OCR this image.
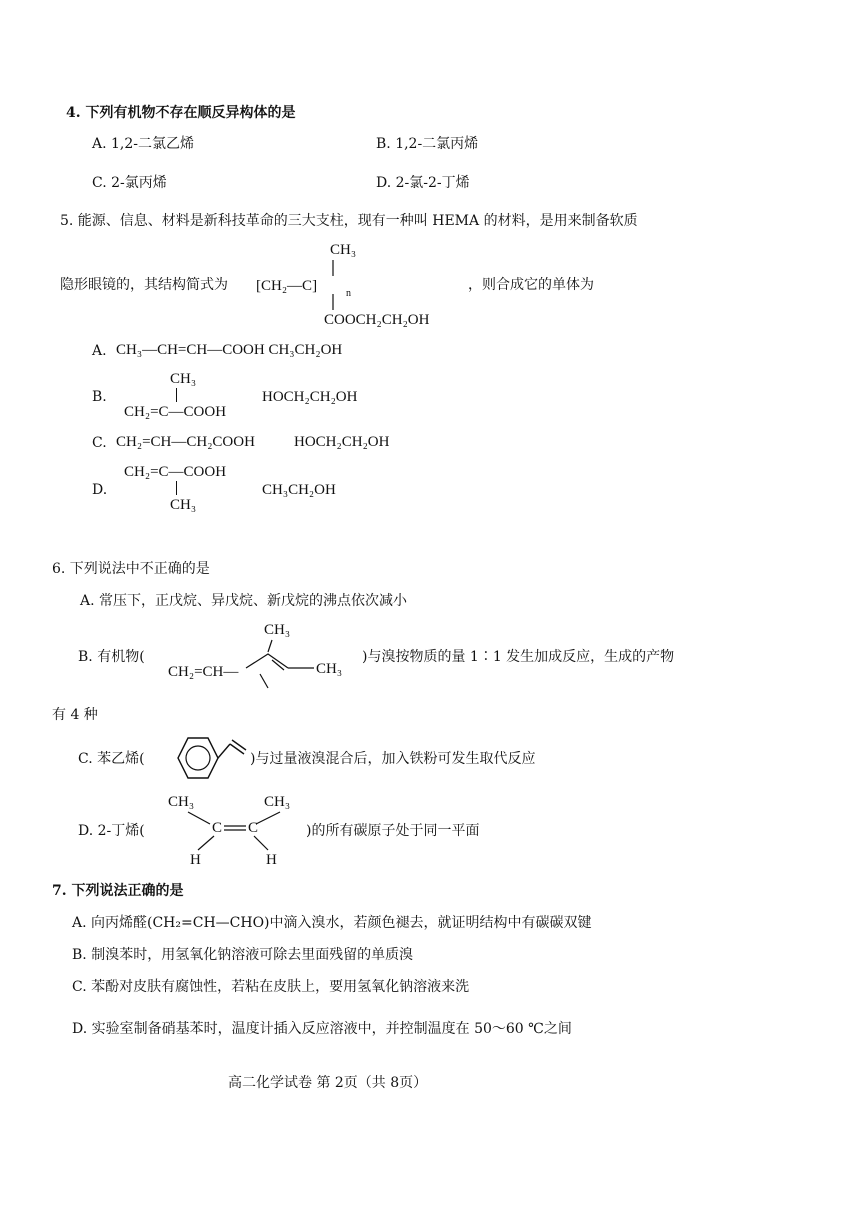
4. 下列有机物不存在顺反异构体的是
A. 1,2-二氯乙烯	B. 1,2-二氯丙烯
C. 2-氯丙烯	D. 2-氯-2-丁烯
5. 能源、信息、材料是新科技革命的三大支柱，现有一种叫 HEMA 的材料，是用来制备软质
隐形眼镜的，其结构简式为
CH₃
[CH₂—C]	n
COOCH₂CH₂OH
，则合成它的单体为
A. CH₃—CH=CH—COOH CH₃CH₂OH
B.
CH₃
CH₂=C—COOH
HOCH₂CH₂OH
C. CH₂=CH—CH₂COOH	HOCH₂CH₂OH
D.
CH₂=C—COOH
CH₃
CH₃CH₂OH
6. 下列说法中不正确的是
A. 常压下，正戊烷、异戊烷、新戊烷的沸点依次减小
B. 有机物(
CH₃
CH₂=CH—	CH₃
)与溴按物质的量 1∶1 发生加成反应，生成的产物
有 4 种
C. 苯乙烯(	)与过量液溴混合后，加入铁粉可发生取代反应
D. 2-丁烯(
CH₃	CH₃
C C
H	H
)的所有碳原子处于同一平面
7. 下列说法正确的是
A. 向丙烯醛(CH₂=CH—CHO)中滴入溴水，若颜色褪去，就证明结构中有碳碳双键
B. 制溴苯时，用氢氧化钠溶液可除去里面残留的单质溴
C. 苯酚对皮肤有腐蚀性，若粘在皮肤上，要用氢氧化钠溶液来洗
D. 实验室制备硝基苯时，温度计插入反应溶液中，并控制温度在 50～60 ℃之间
高二化学试卷 第 2页（共 8页）
